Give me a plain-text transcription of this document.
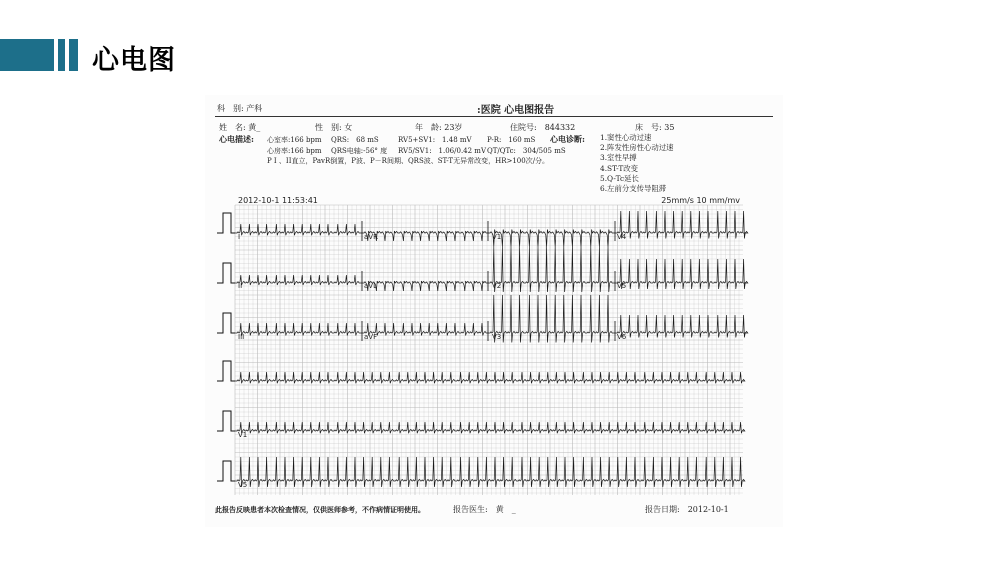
心电图
科　别: 产科	:医院 心电图报告
姓　名: 黄_	性　别: 女	年　龄: 23岁	住院号:　844332	床　号: 35
心电描述: 心室率:166 bpm QRS:　68 mS	RV5+SV1:　1.48 mV P-R:　160 mS 心电诊断:
心房率:166 bpm QRS电轴:-56° 度 RV5/SV1:　1.06/0.42 mV QT/QTc:　304/505 mS
P I 、II直立，PavR倒置，P波、P－R间期、QRS波、ST-T无异常改变，HR>100次/分。
1.窦性心动过速
2.阵发性房性心动过速
3.室性早搏
4.ST-T改变
5.Q-Tc延长
6.左前分支传导阻滞
2012-10-1 11:53:41	25mm/s 10 mm/mv
I
II
III
aVR
aVL
aVF
V1
V2
V3
V4
V5
V6
V1
V5
此报告反映患者本次检查情况，仅供医师参考，不作病情证明使用。	报告医生:　黄　_	报告日期:　2012-10-1
